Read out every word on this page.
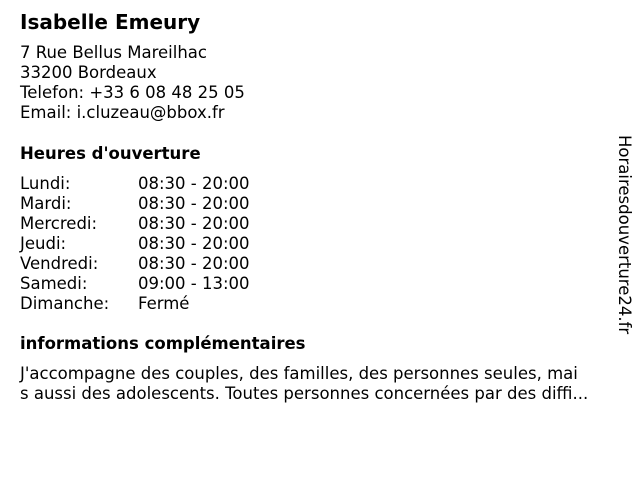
Isabelle Emeury
7 Rue Bellus Mareilhac
33200 Bordeaux
Telefon: +33 6 08 48 25 05
Email: i.cluzeau@bbox.fr
Heures d'ouverture
Lundi:	08:30 - 20:00
Mardi:	08:30 - 20:00
Mercredi:	08:30 - 20:00
Jeudi:	08:30 - 20:00
Vendredi:	08:30 - 20:00
Samedi:	09:00 - 13:00
Dimanche:	Fermé
informations complémentaires
J'accompagne des couples, des familles, des personnes seules, mai
s aussi des adolescents. Toutes personnes concernées par des diffi...
Horairesdouverture24.fr
